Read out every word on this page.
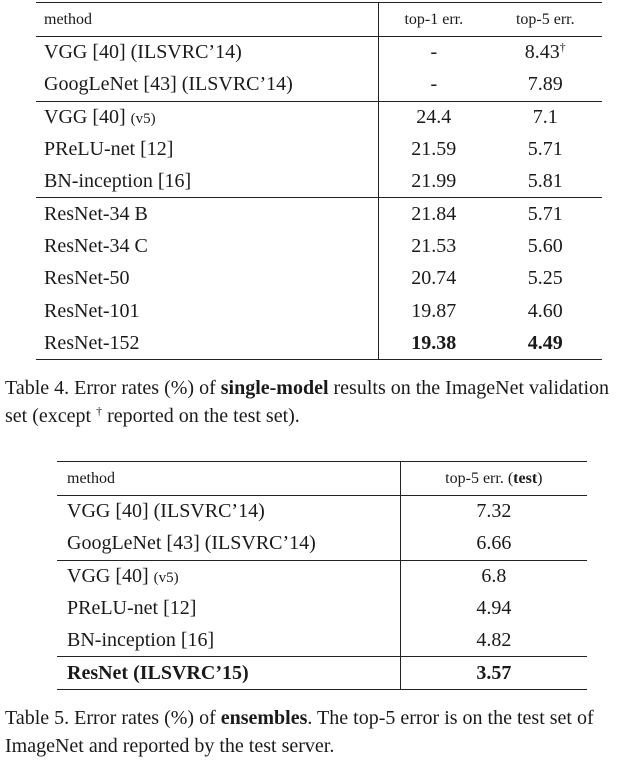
method	top-1 err.	top-5 err.
VGG [40] (ILSVRC’14)	-	8.43†
GoogLeNet [43] (ILSVRC’14)	-	7.89
VGG [40] (v5)	24.4	7.1
PReLU-net [12]	21.59	5.71
BN-inception [16]	21.99	5.81
ResNet-34 B	21.84	5.71
ResNet-34 C	21.53	5.60
ResNet-50	20.74	5.25
ResNet-101	19.87	4.60
ResNet-152	19.38	4.49

Table 4. Error rates (%) of single-model results on the ImageNet validation set (except † reported on the test set).

method	top-5 err. (test)
VGG [40] (ILSVRC’14)	7.32
GoogLeNet [43] (ILSVRC’14)	6.66
VGG [40] (v5)	6.8
PReLU-net [12]	4.94
BN-inception [16]	4.82
ResNet (ILSVRC’15)	3.57

Table 5. Error rates (%) of ensembles. The top-5 error is on the test set of ImageNet and reported by the test server.
